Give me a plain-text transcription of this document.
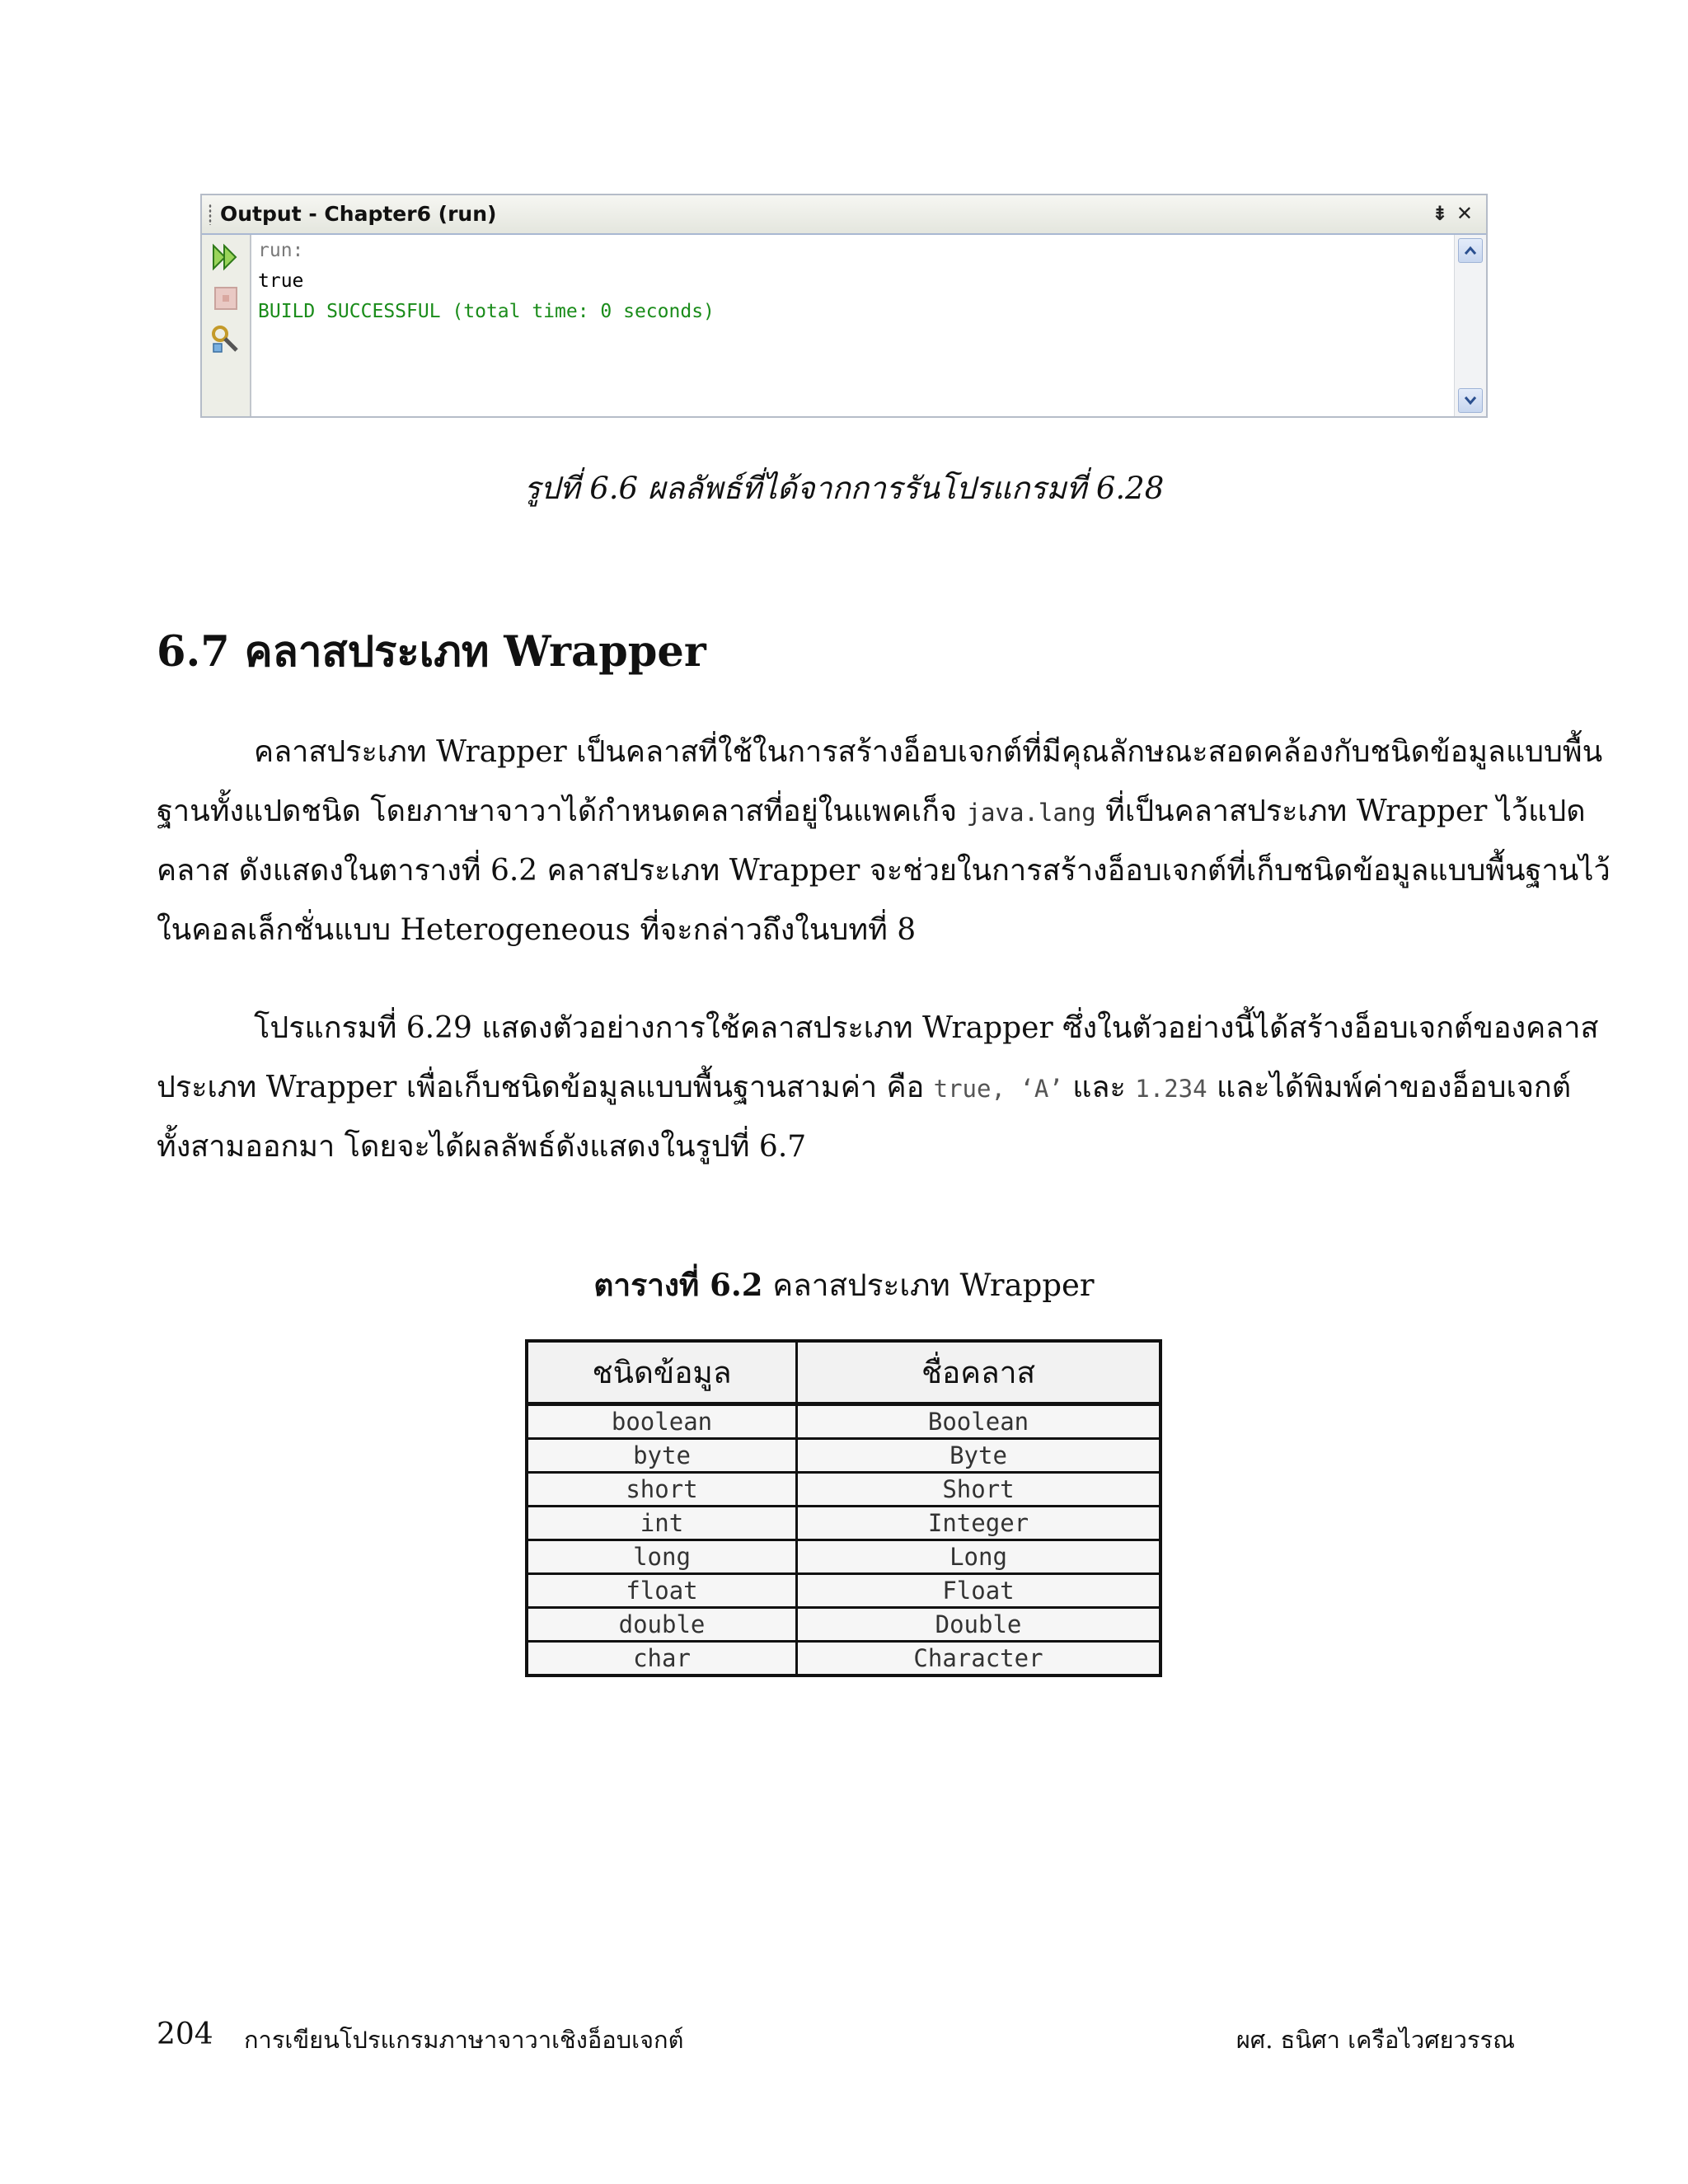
Output - Chapter6 (run)	⇟ ✕
run:
true
BUILD SUCCESSFUL (total time: 0 seconds)
รูปที่ 6.6 ผลลัพธ์ที่ได้จากการรันโปรแกรมที่ 6.28
6.7 คลาสประเภท Wrapper
คลาสประเภท Wrapper เป็นคลาสที่ใช้ในการสร้างอ็อบเจกต์ที่มีคุณลักษณะสอดคล้องกับชนิดข้อมูลแบบพื้น
ฐานทั้งแปดชนิด โดยภาษาจาวาได้กำหนดคลาสที่อยู่ในแพคเก็จ java.lang ที่เป็นคลาสประเภท Wrapper ไว้แปด
คลาส ดังแสดงในตารางที่ 6.2 คลาสประเภท Wrapper จะช่วยในการสร้างอ็อบเจกต์ที่เก็บชนิดข้อมูลแบบพื้นฐานไว้
ในคอลเล็กชั่นแบบ Heterogeneous ที่จะกล่าวถึงในบทที่ 8
โปรแกรมที่ 6.29 แสดงตัวอย่างการใช้คลาสประเภท Wrapper ซึ่งในตัวอย่างนี้ได้สร้างอ็อบเจกต์ของคลาส
ประเภท Wrapper เพื่อเก็บชนิดข้อมูลแบบพื้นฐานสามค่า คือ true, ‘A’ และ 1.234 และได้พิมพ์ค่าของอ็อบเจกต์
ทั้งสามออกมา โดยจะได้ผลลัพธ์ดังแสดงในรูปที่ 6.7
ตารางที่ 6.2 คลาสประเภท Wrapper
ชนิดข้อมูล	ชื่อคลาส
boolean	Boolean
byte	Byte
short	Short
int	Integer
long	Long
float	Float
double	Double
char	Character
204 การเขียนโปรแกรมภาษาจาวาเชิงอ็อบเจกต์	ผศ. ธนิศา เครือไวศยวรรณ
